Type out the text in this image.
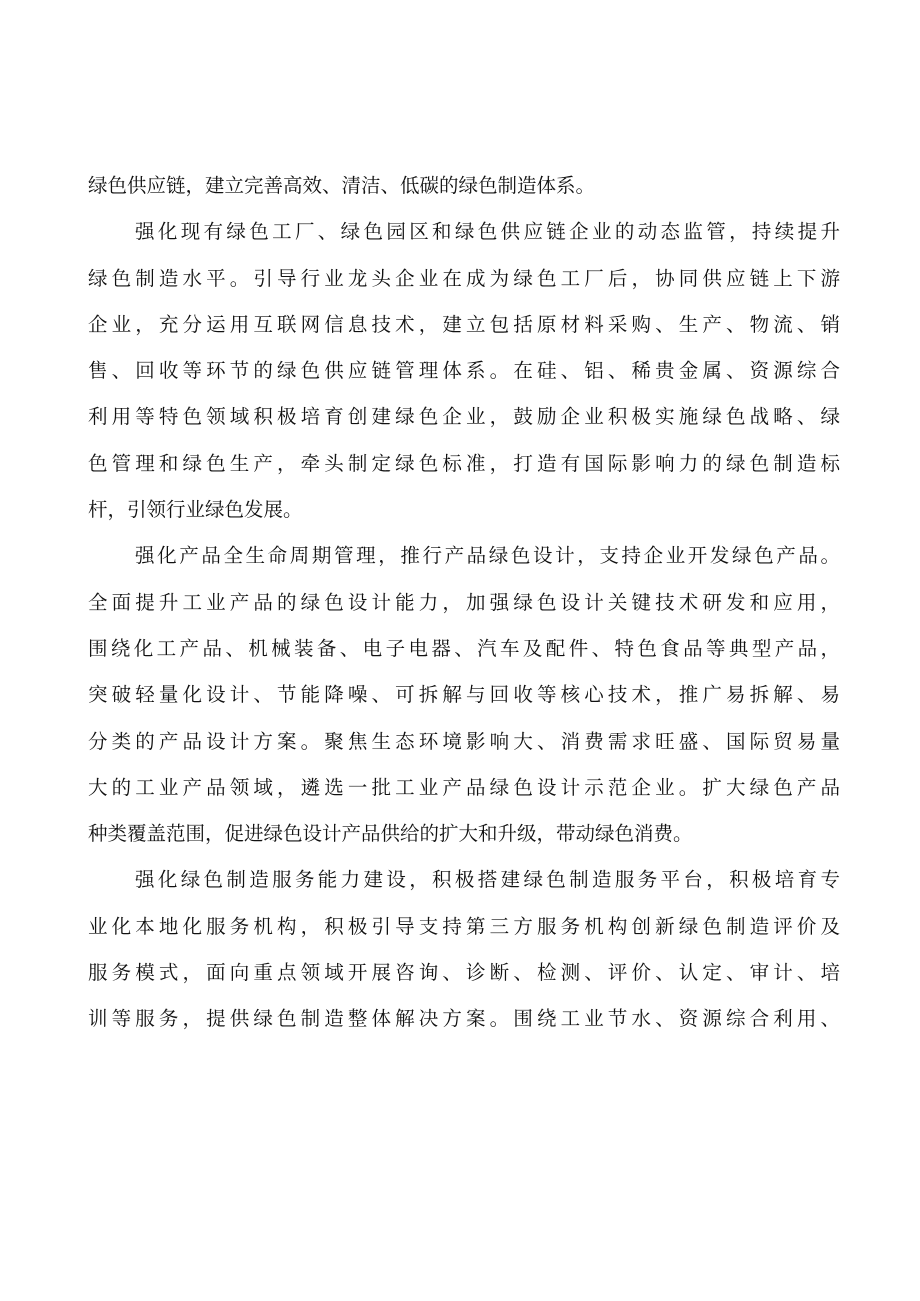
绿色供应链，建立完善高效、清洁、低碳的绿色制造体系。
强化现有绿色工厂、绿色园区和绿色供应链企业的动态监管，持续提升
绿色制造水平。引导行业龙头企业在成为绿色工厂后，协同供应链上下游
企业，充分运用互联网信息技术，建立包括原材料采购、生产、物流、销
售、回收等环节的绿色供应链管理体系。在硅、铝、稀贵金属、资源综合
利用等特色领域积极培育创建绿色企业，鼓励企业积极实施绿色战略、绿
色管理和绿色生产，牵头制定绿色标准，打造有国际影响力的绿色制造标
杆，引领行业绿色发展。
强化产品全生命周期管理，推行产品绿色设计，支持企业开发绿色产品。
全面提升工业产品的绿色设计能力，加强绿色设计关键技术研发和应用，
围绕化工产品、机械装备、电子电器、汽车及配件、特色食品等典型产品，
突破轻量化设计、节能降噪、可拆解与回收等核心技术，推广易拆解、易
分类的产品设计方案。聚焦生态环境影响大、消费需求旺盛、国际贸易量
大的工业产品领域，遴选一批工业产品绿色设计示范企业。扩大绿色产品
种类覆盖范围，促进绿色设计产品供给的扩大和升级，带动绿色消费。
强化绿色制造服务能力建设，积极搭建绿色制造服务平台，积极培育专
业化本地化服务机构，积极引导支持第三方服务机构创新绿色制造评价及
服务模式，面向重点领域开展咨询、诊断、检测、评价、认定、审计、培
训等服务，提供绿色制造整体解决方案。围绕工业节水、资源综合利用、
